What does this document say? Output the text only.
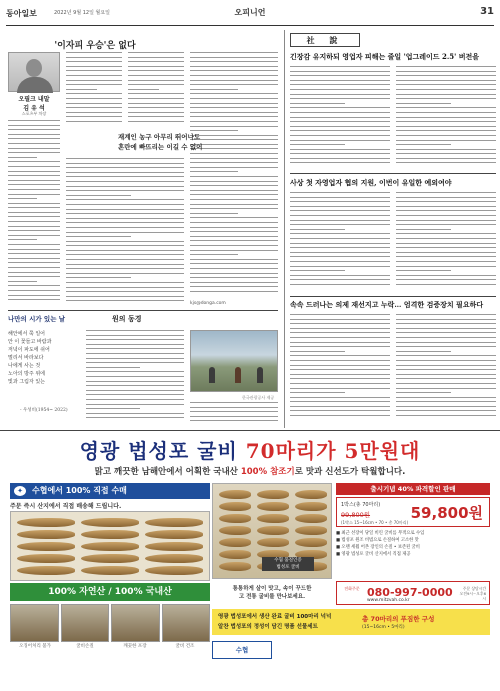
동아일보	2022년 9월 12일 월요일	오피니언	31
'이자피 우승'은 없다
오필크 내말
김 유 석
스포츠부 차장
재계인 농구 아무리 뛰어나도
혼란에 빠뜨리는 이길 수 없어
kjs@donga.com
나만의 시가 있는 날	원의 동경
해안에서 쭉 일어
안 이 꽃들고 바람과
저녁이 파도에 쉬어
멀리서 바라보다
나에게 사는 것
노아의 방주 위에
빛과 그림자 있는
- 우성비(1954~ 2022)
한국관광공사 제공
社 說
긴장감 유지하되 영업자 피해는 줄일 '업그레이드 2.5' 버전을
사상 첫 자영업자 협의 지원, 이번이 유일한 예외여야
속속 드러나는 의제 재선지고 누락… 엄격한 검증장치 필요하다
영광 법성포 굴비 70마리가 5만원대
맑고 깨끗한 남해안에서 어획한 국내산 100% 참조기로 맛과 신선도가 탁월합니다.
✦	수협에서 100% 직접 수매
주문 즉시 산지에서 직접 배송해 드립니다.
100% 자연산 / 100% 국내산
오징어처리 불가	굴비손질	깨끗한 포장	굴비 건조
수협 품질인증
법성포 굴비
통통하게 살이 맛고, 속이 꾸드한
고 전통 굴비를 만나보세요.
출시기념 40% 파격할인 판매
1박스(총 70마리)
99,800원	59,800원
(1박스 15~16cm • 70 • 총 70마리)
■ 최근 선장이 당일 비린 굴비를 무적으로 수입
■ 법성포 원조 비법으로 손질하여 고소한 맛
■ 오랜 세월 어촌 장인의 손질 • 보존된 굴비
■ 영광 법성포 굴비 산지에서 직접 제공
전화주문 080-997-0000
www.mitzvah.co.kr
주문 상담시간 오전9시~오후6시
영광 법성포에서 생산 완료 굴비 100마리 넉넉
알찬 법성포의 정성이 담긴 명품 선물세트
총 70마리의 푸짐한 구성
(15~16cm • 5마리)
수협
